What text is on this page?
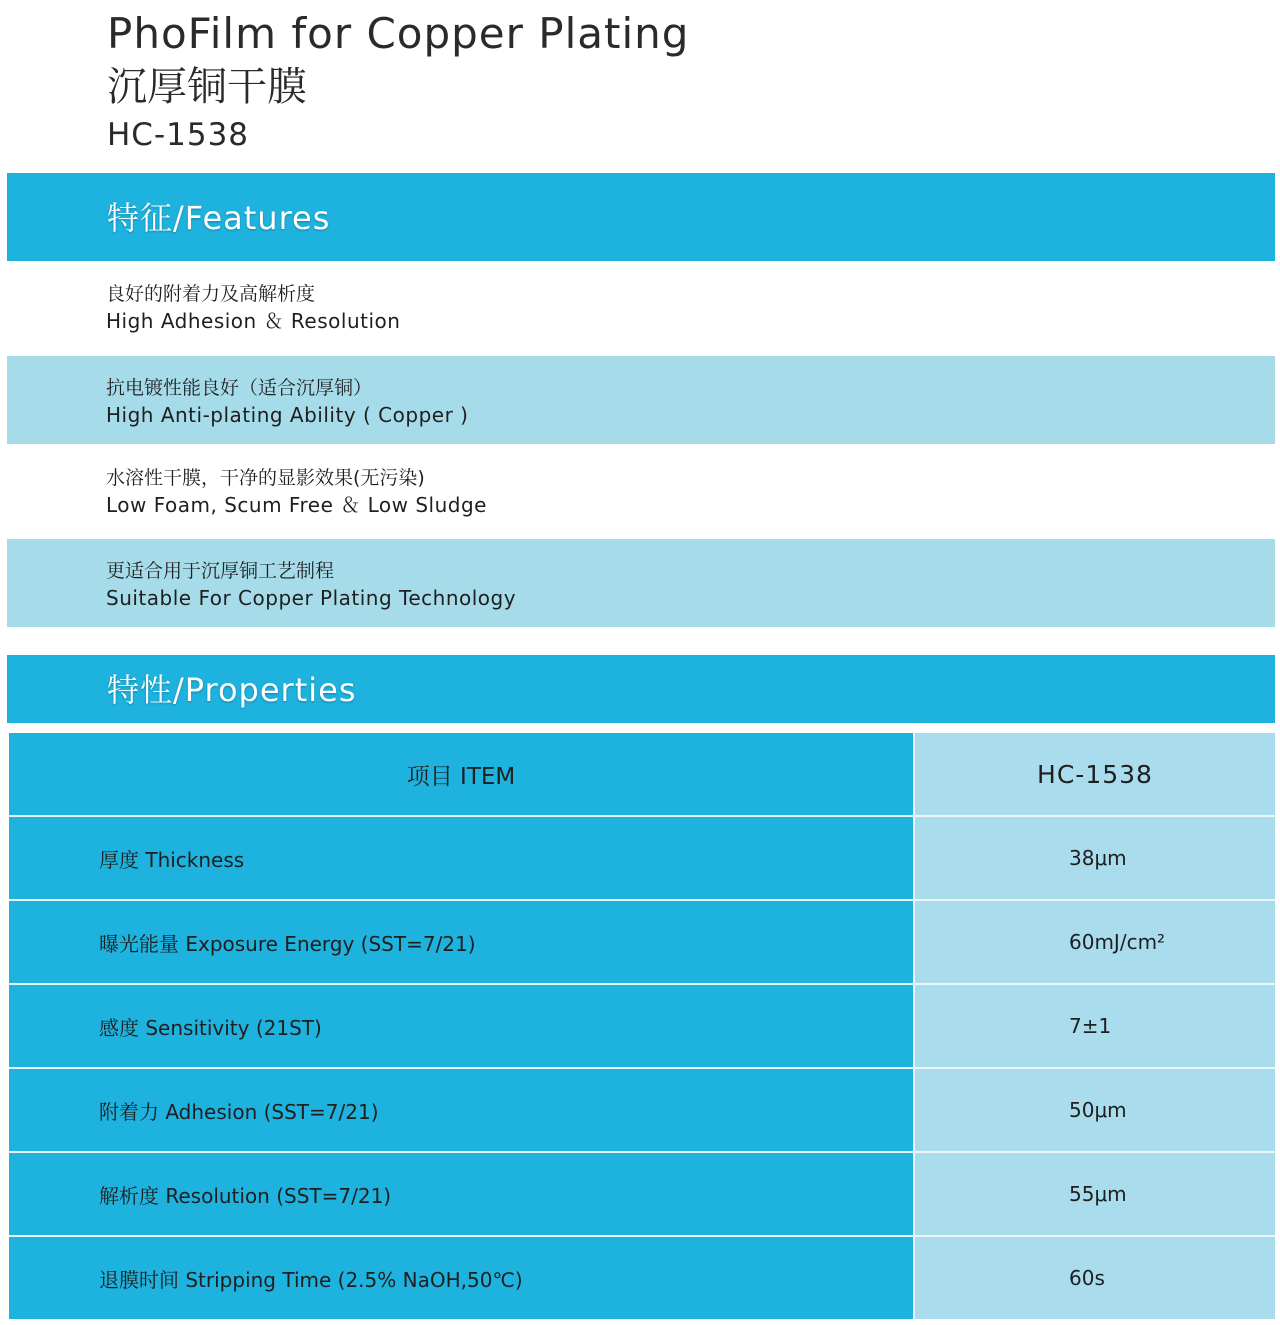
PhoFilm for Copper Plating
沉厚铜干膜
HC-1538
特征/Features
良好的附着力及高解析度
High Adhesion ＆ Resolution
抗电镀性能良好（适合沉厚铜）
High Anti-plating Ability ( Copper )
水溶性干膜，干净的显影效果(无污染)
Low Foam, Scum Free ＆ Low Sludge
更适合用于沉厚铜工艺制程
Suitable For Copper Plating Technology
特性/Properties
项目 ITEM	HC-1538
厚度 Thickness	38μm
曝光能量 Exposure Energy (SST=7/21)	60mJ/cm²
感度 Sensitivity (21ST)	7±1
附着力 Adhesion (SST=7/21)	50μm
解析度 Resolution (SST=7/21)	55μm
退膜时间 Stripping Time (2.5% NaOH,50℃)	60s
